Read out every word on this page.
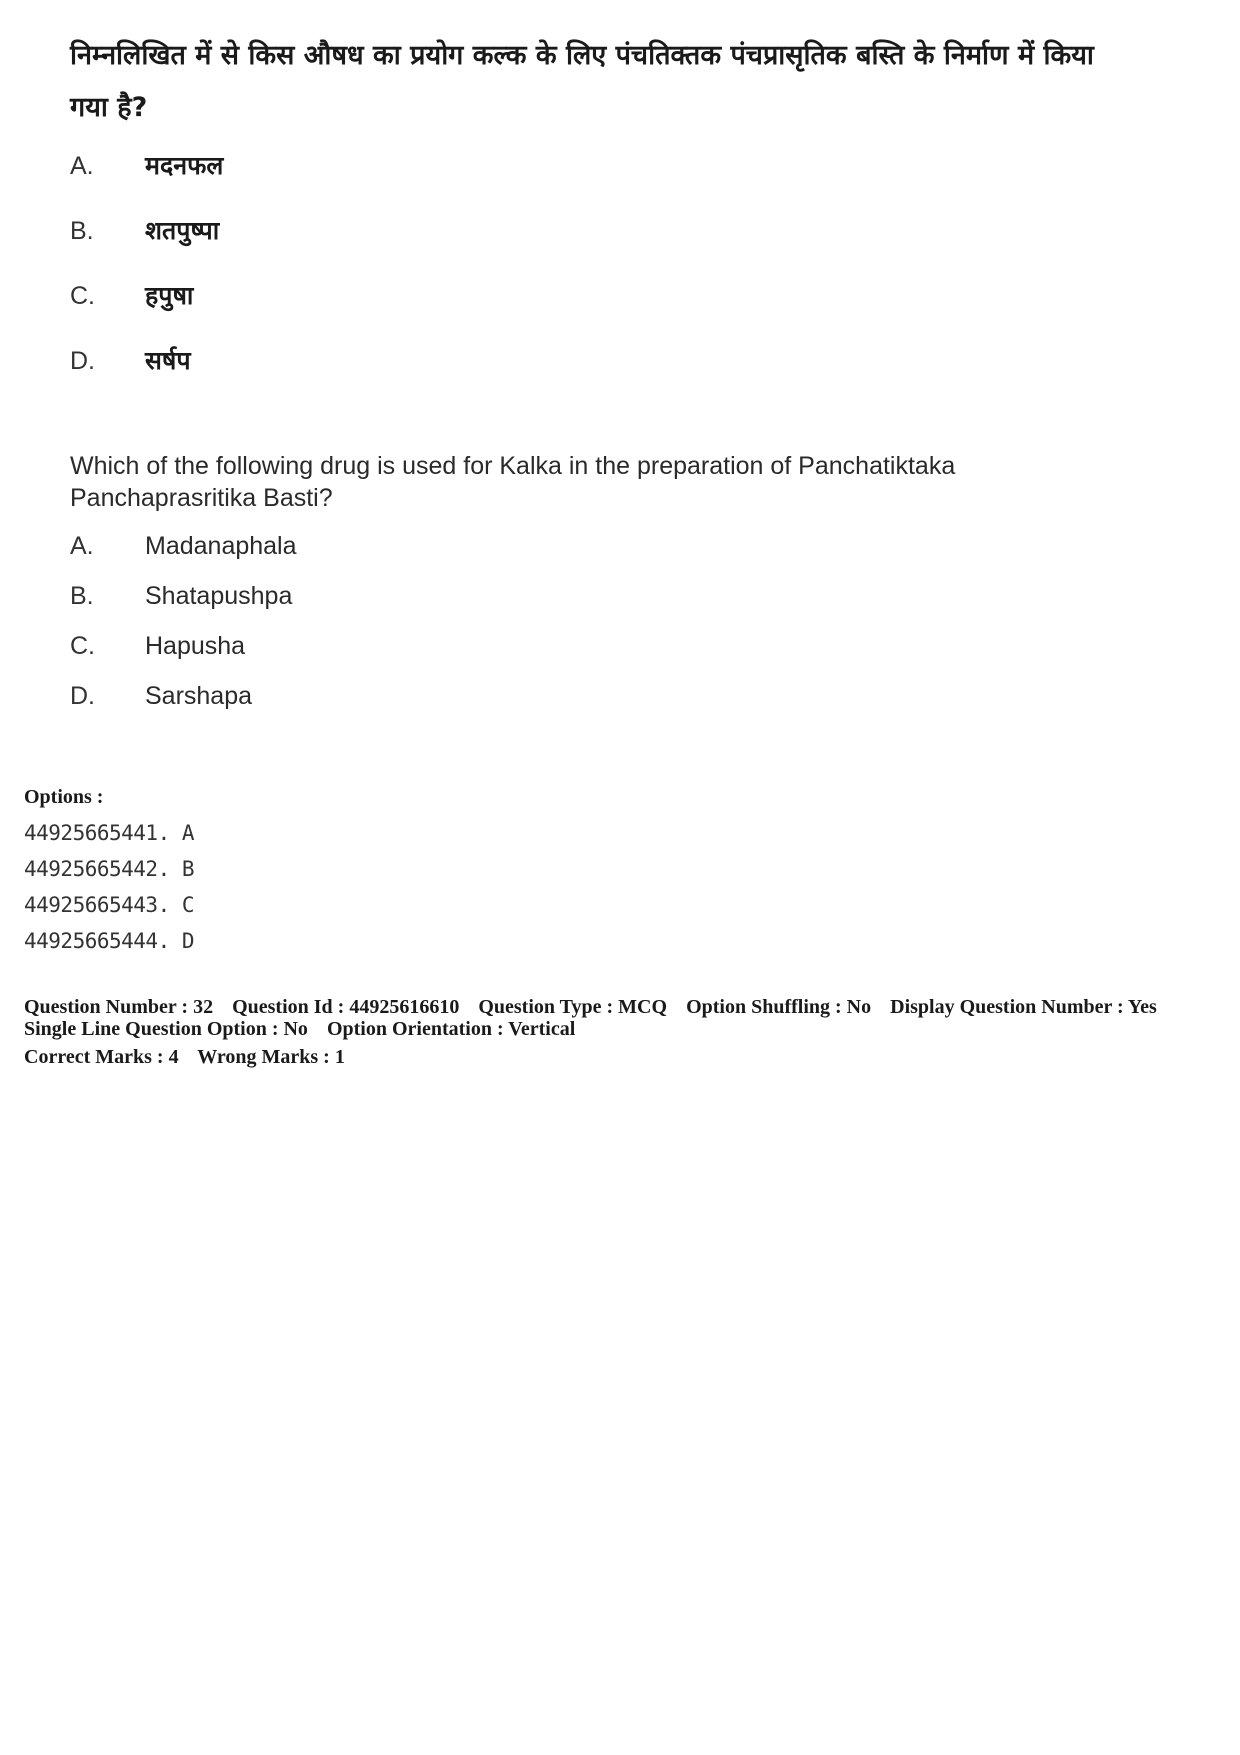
निम्नलिखित में से किस औषध का प्रयोग कल्क के लिए पंचतिक्तक पंचप्रासृतिक बस्ति के निर्माण में किया गया है?

A.	मदनफल
B.	शतपुष्पा
C.	हपुषा
D.	सर्षप
Which of the following drug is used for Kalka in the preparation of Panchatiktaka
Panchaprasritika Basti?
A.	Madanaphala
B.	Shatapushpa
C.	Hapusha
D.	Sarshapa
Options :
44925665441. A
44925665442. B
44925665443. C
44925665444. D
Question Number : 32 Question Id : 44925616610 Question Type : MCQ Option Shuffling : No Display Question Number : Yes
Single Line Question Option : No Option Orientation : Vertical
Correct Marks : 4 Wrong Marks : 1
